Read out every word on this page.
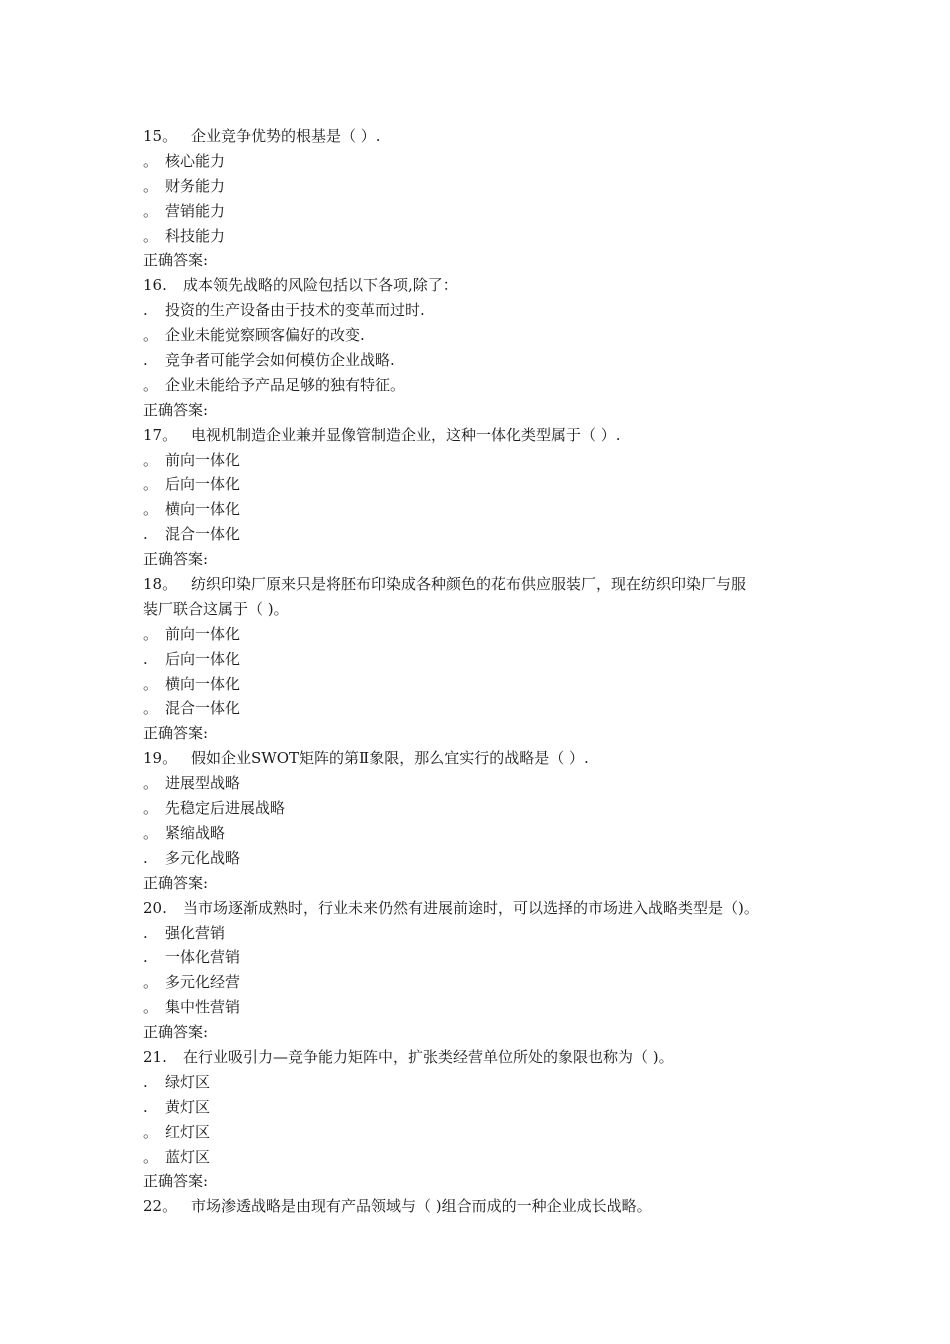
15。 企业竞争优势的根基是（ ）.
。 核心能力
。 财务能力
。 营销能力
。 科技能力
正确答案:
16. 成本领先战略的风险包括以下各项,除了：
. 投资的生产设备由于技术的变革而过时.
。 企业未能觉察顾客偏好的改变.
. 竞争者可能学会如何模仿企业战略.
。 企业未能给予产品足够的独有特征。
正确答案:
17。 电视机制造企业兼并显像管制造企业，这种一体化类型属于（ ）.
。 前向一体化
。 后向一体化
。 横向一体化
. 混合一体化
正确答案:
18。 纺织印染厂原来只是将胚布印染成各种颜色的花布供应服装厂，现在纺织印染厂与服
装厂联合这属于（ )。
。 前向一体化
. 后向一体化
。 横向一体化
。 混合一体化
正确答案:
19。 假如企业SWOT矩阵的第Ⅱ象限，那么宜实行的战略是（ ）.
。 进展型战略
。 先稳定后进展战略
。 紧缩战略
. 多元化战略
正确答案:
20. 当市场逐渐成熟时，行业未来仍然有进展前途时，可以选择的市场进入战略类型是（)。
. 强化营销
. 一体化营销
。 多元化经营
。 集中性营销
正确答案:
21. 在行业吸引力—竞争能力矩阵中，扩张类经营单位所处的象限也称为（ )。
. 绿灯区
. 黄灯区
。 红灯区
。 蓝灯区
正确答案:
22。 市场渗透战略是由现有产品领域与（ )组合而成的一种企业成长战略。
